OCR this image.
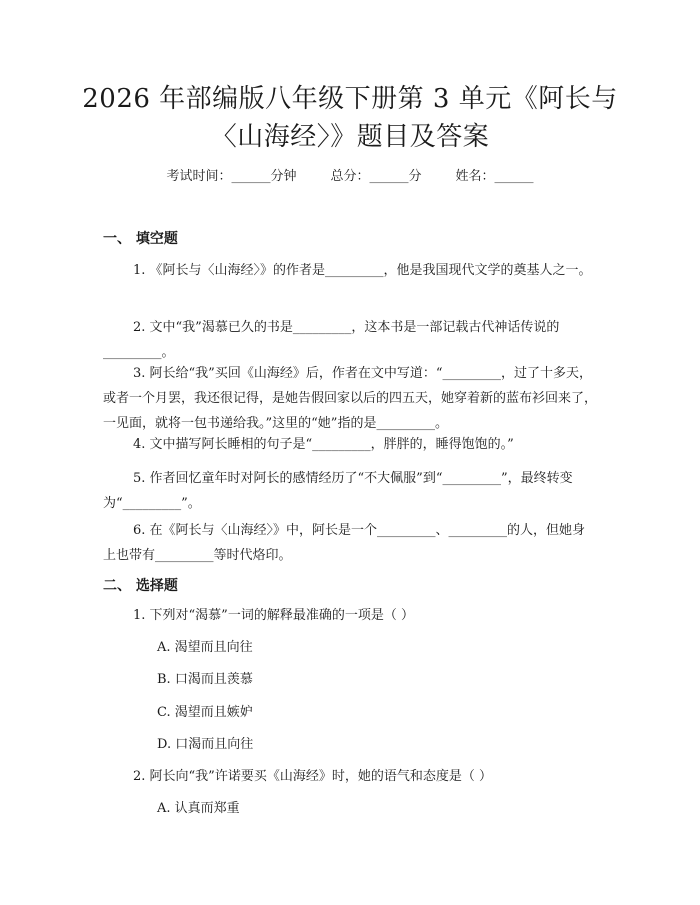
2026 年部编版八年级下册第 3 单元《阿长与
〈山海经〉》题目及答案
考试时间：______分钟	总分：______分	姓名：______
一、 填空题
1. 《阿长与〈山海经〉》的作者是_________，他是我国现代文学的奠基人之一。
2. 文中“我”渴慕已久的书是_________，这本书是一部记载古代神话传说的_________。
3. 阿长给“我”买回《山海经》后，作者在文中写道：“_________，过了十多天，或者一个月罢，我还很记得，是她告假回家以后的四五天，她穿着新的蓝布衫回来了，一见面，就将一包书递给我。”这里的“她”指的是_________。
4. 文中描写阿长睡相的句子是“_________，胖胖的，睡得饱饱的。”
5. 作者回忆童年时对阿长的感情经历了“不大佩服”到“_________”，最终转变为“_________”。
6. 在《阿长与〈山海经〉》中，阿长是一个_________、_________的人，但她身上也带有_________等时代烙印。
二、 选择题
1. 下列对“渴慕”一词的解释最准确的一项是（ ）
A. 渴望而且向往
B. 口渴而且羡慕
C. 渴望而且嫉妒
D. 口渴而且向往
2. 阿长向“我”许诺要买《山海经》时，她的语气和态度是（ ）
A. 认真而郑重
